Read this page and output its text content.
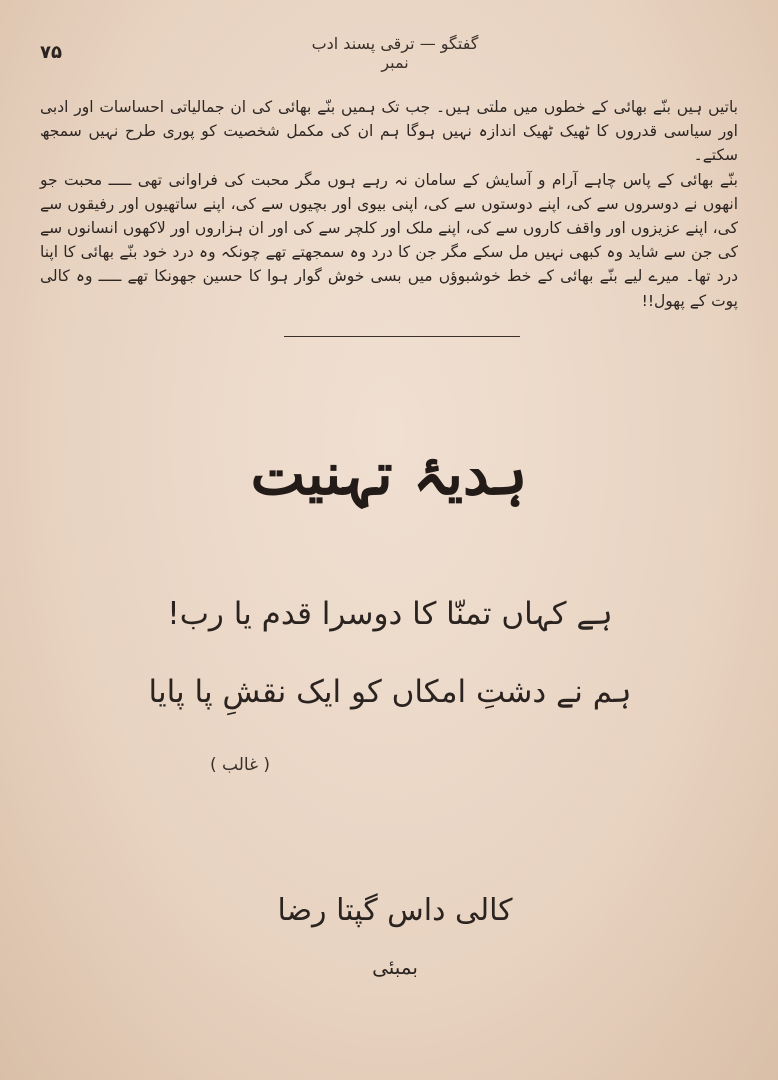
۷۵	گفتگو — ترقی پسند ادب نمبر

باتیں ہیں بنّے بھائی کے خطوں میں ملتی ہیں۔ جب تک ہمیں بنّے بھائی کی ان جمالیاتی احساسات اور ادبی اور سیاسی قدروں کا ٹھیک ٹھیک اندازہ نہیں ہوگا ہم ان کی مکمل شخصیت کو پوری طرح نہیں سمجھ سکتے۔

بنّے بھائی کے پاس چاہے آرام و آسایش کے سامان نہ رہے ہوں مگر محبت کی فراوانی تھی ـــــ محبت جو انھوں نے دوسروں سے کی، اپنے دوستوں سے کی، اپنی بیوی اور بچیوں سے کی، اپنے ساتھیوں اور رفیقوں سے کی، اپنے عزیزوں اور واقف کاروں سے کی، اپنے ملک اور کلچر سے کی اور ان ہزاروں اور لاکھوں انسانوں سے کی جن سے شاید وہ کبھی نہیں مل سکے مگر جن کا درد وہ سمجھتے تھے چونکہ وہ درد خود بنّے بھائی کا اپنا درد تھا۔ میرے لیے بنّے بھائی کے خط خوشبوؤں میں بسی خوش گوار ہوا کا حسین جھونکا تھے ـــــ وہ کالی پوت کے پھول!!

ہدیۂ تہنیت
ہے کہاں تمنّا کا دوسرا قدم یا رب!
ہم نے دشتِ امکاں کو ایک نقشِ پا پایا
( غالب )
کالی داس گپتا رضا
بمبئی
